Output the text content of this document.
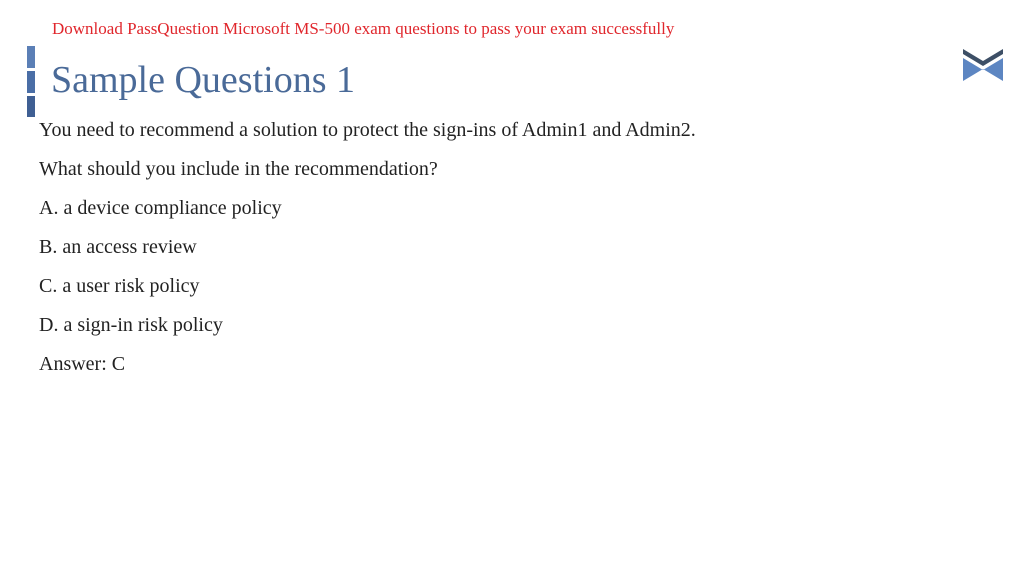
Download PassQuestion Microsoft MS-500 exam questions to pass your exam successfully
Sample Questions 1
You need to recommend a solution to protect the sign-ins of Admin1 and Admin2.
What should you include in the recommendation?
A. a device compliance policy
B. an access review
C. a user risk policy
D. a sign-in risk policy
Answer: C
